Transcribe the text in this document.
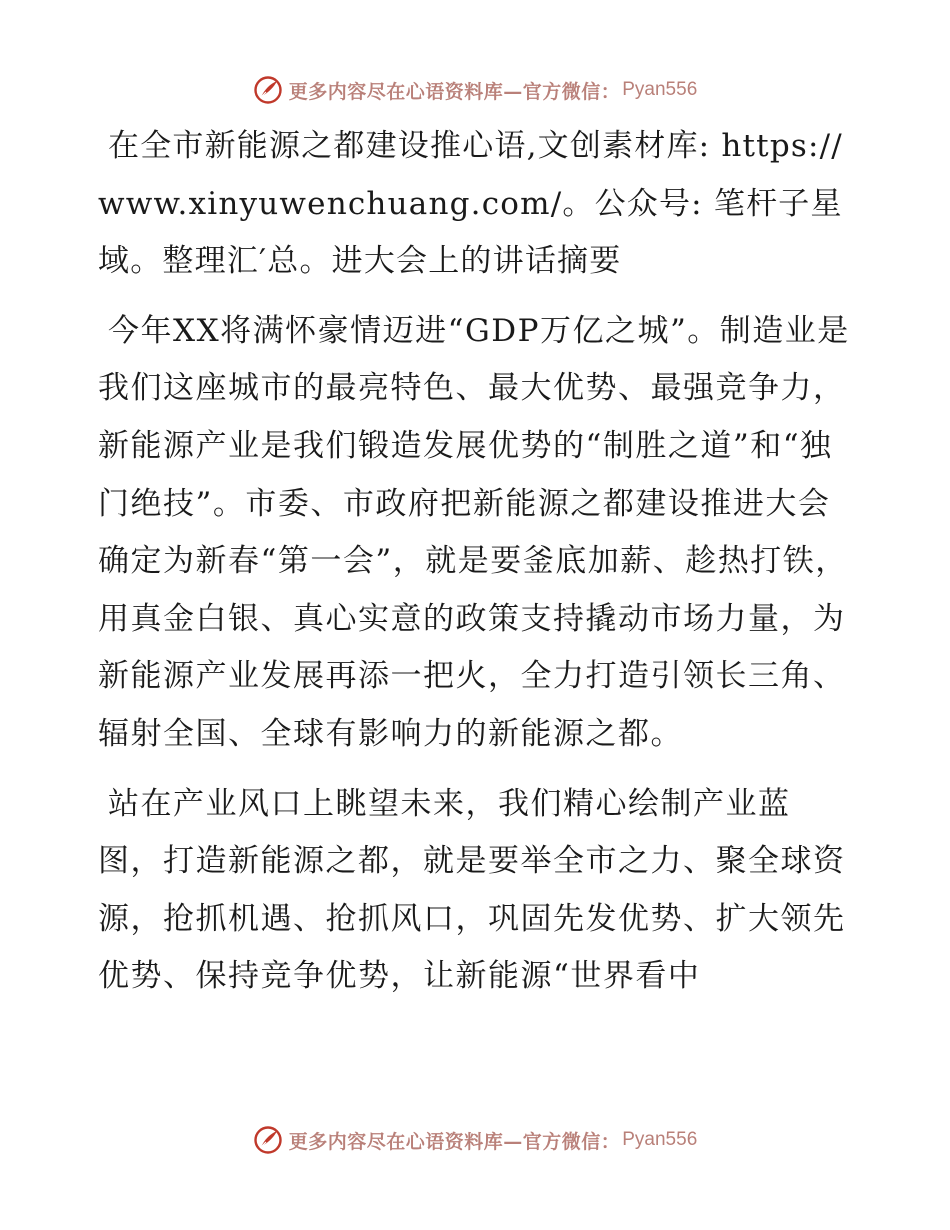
更多内容尽在心语资料库—官方微信： Pyan556

在全市新能源之都建设推心语,文创素材库: https://www.xinyuwenchuang.com/。公众号: 笔杆子星域。整理汇′总。进大会上的讲话摘要

今年XX将满怀豪情迈进“GDP万亿之城”。制造业是我们这座城市的最亮特色、最大优势、最强竞争力，新能源产业是我们锻造发展优势的“制胜之道”和“独门绝技”。市委、市政府把新能源之都建设推进大会确定为新春“第一会”，就是要釜底加薪、趁热打铁，用真金白银、真心实意的政策支持撬动市场力量，为新能源产业发展再添一把火，全力打造引领长三角、辐射全国、全球有影响力的新能源之都。

站在产业风口上眺望未来，我们精心绘制产业蓝图，打造新能源之都，就是要举全市之力、聚全球资源，抢抓机遇、抢抓风口，巩固先发优势、扩大领先优势、保持竞争优势，让新能源“世界看中

更多内容尽在心语资料库—官方微信： Pyan556
